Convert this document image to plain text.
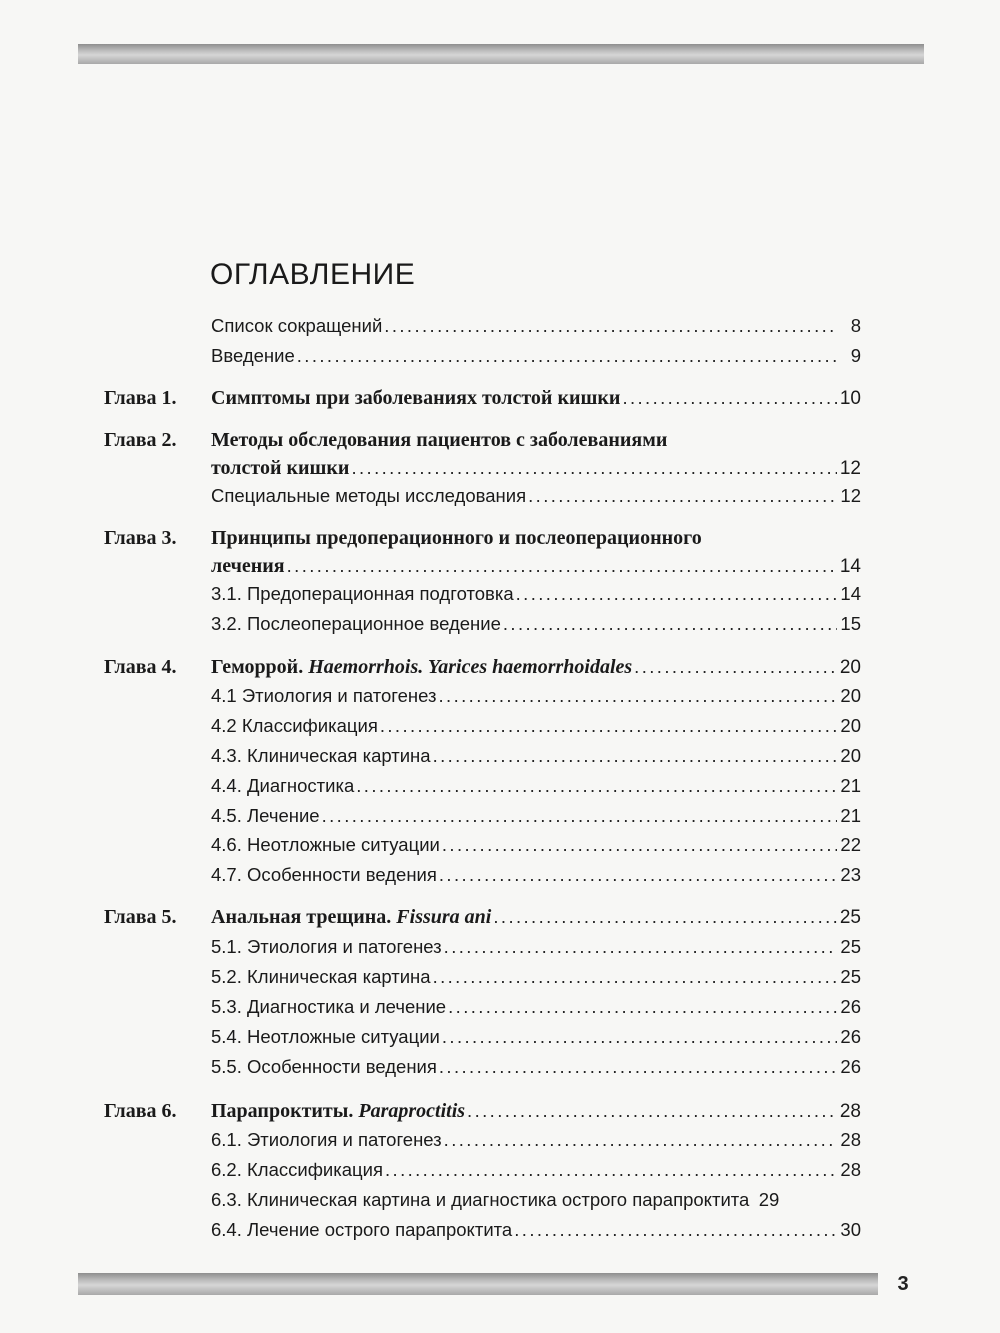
ОГЛАВЛЕНИЕ
Список сокращений .....	8
Введение .....	9
Глава 1. Симптомы при заболеваниях толстой кишки .....	10
Глава 2. Методы обследования пациентов с заболеваниями
толстой кишки .....	12
Специальные методы исследования .....	12
Глава 3. Принципы предоперационного и послеоперационного
лечения .....	14
3.1. Предоперационная подготовка .....	14
3.2. Послеоперационное ведение .....	15
Глава 4. Геморрой. Haemorrhois. Yarices haemorrhoidales .....	20
4.1 Этиология и патогенез .....	20
4.2 Классификация .....	20
4.3. Клиническая картина .....	20
4.4. Диагностика .....	21
4.5. Лечение .....	21
4.6. Неотложные ситуации .....	22
4.7. Особенности ведения .....	23
Глава 5. Анальная трещина. Fissura ani .....	25
5.1. Этиология и патогенез .....	25
5.2. Клиническая картина .....	25
5.3. Диагностика и лечение .....	26
5.4. Неотложные ситуации .....	26
5.5. Особенности ведения .....	26
Глава 6. Парапроктиты. Paraproctitis .....	28
6.1. Этиология и патогенез .....	28
6.2. Классификация .....	28
6.3. Клиническая картина и диагностика острого парапроктита 29
6.4. Лечение острого парапроктита .....	30
3
